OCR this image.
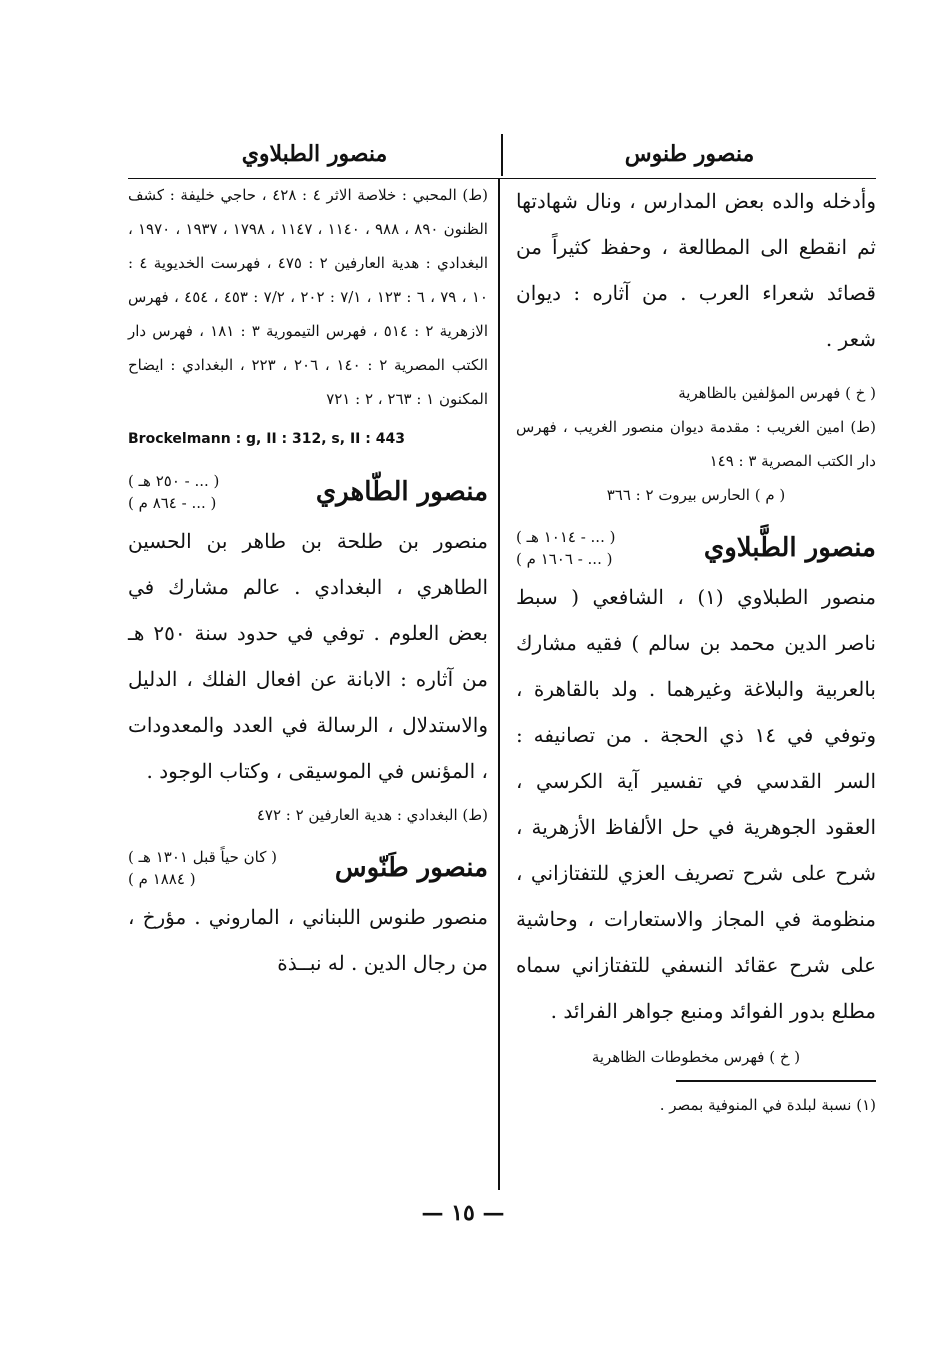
منصور الطبلاوي	منصور طنوس

وأدخله والده بعض المدارس ، ونال شهادتها ثم انقطع الى المطالعة ، وحفظ كثيراً من قصائد شعراء العرب . من آثاره : ديوان شعر .

( خ ) فهرس المؤلفين بالظاهرية

(ط) امين الغريب : مقدمة ديوان منصور الغريب ، فهرس دار الكتب المصرية ٣ : ١٤٩

( م ) الحارس بيروت ٢ : ٣٦٦

منصور الطَّبلاوي
( ... - ١٠١٤ هـ )
( ... - ١٦٠٦ م )

منصور الطبلاوي (١) ، الشافعي ( سبط ناصر الدين محمد بن سالم ) فقيه مشارك بالعربية والبلاغة وغيرهما . ولد بالقاهرة ، وتوفي في ١٤ ذي الحجة . من تصانيفه : السر القدسي في تفسير آية الكرسي ، العقود الجوهرية في حل الألفاظ الأزهرية ، شرح على شرح تصريف العزي للتفتازاني ، منظومة في المجاز والاستعارات ، وحاشية على شرح عقائد النسفي للتفتازاني سماه مطلع بدور الفوائد ومنبع جواهر الفرائد .

( خ ) فهرس مخطوطات الظاهرية

(١) نسبة لبلدة في المنوفية بمصر .

(ط) المحبي : خلاصة الاثر ٤ : ٤٢٨ ، حاجي خليفة : كشف الظنون ٨٩٠ ، ٩٨٨ ، ١١٤٠ ، ١١٤٧ ، ١٧٩٨ ، ١٩٣٧ ، ١٩٧٠ ، البغدادي : هدية العارفين ٢ : ٤٧٥ ، فهرست الخديوية ٤ : ١٠ ، ٧٩ ، ٦ : ١٢٣ ، ٧/١ : ٢٠٢ ، ٧/٢ : ٤٥٣ ، ٤٥٤ ، فهرس الازهرية ٢ : ٥١٤ ، فهرس التيمورية ٣ : ١٨١ ، فهرس دار الكتب المصرية ٢ : ١٤٠ ، ٢٠٦ ، ٢٢٣ ، البغدادي : ايضاح المكنون ١ : ٢٦٣ ، ٢ : ٧٢١

Brockelmann : g, II : 312, s, II : 443

منصور الطّاهري
( ... - ٢٥٠ هـ )
( ... - ٨٦٤ م )

منصور بن طلحة بن طاهر بن الحسين الطاهري ، البغدادي . عالم مشارك في بعض العلوم . توفي في حدود سنة ٢٥٠ هـ من آثاره : الابانة عن افعال الفلك ، الدليل والاستدلال ، الرسالة في العدد والمعدودات ، المؤنس في الموسيقى ، وكتاب الوجود .

(ط) البغدادي : هدية العارفين ٢ : ٤٧٢

منصور طَنّوس
( كان حياً قبل ١٣٠١ هـ )
( ١٨٨٤ م )

منصور طنوس اللبناني ، الماروني . مؤرخ ، من رجال الدين . له نبــذة

— ١٥ —
